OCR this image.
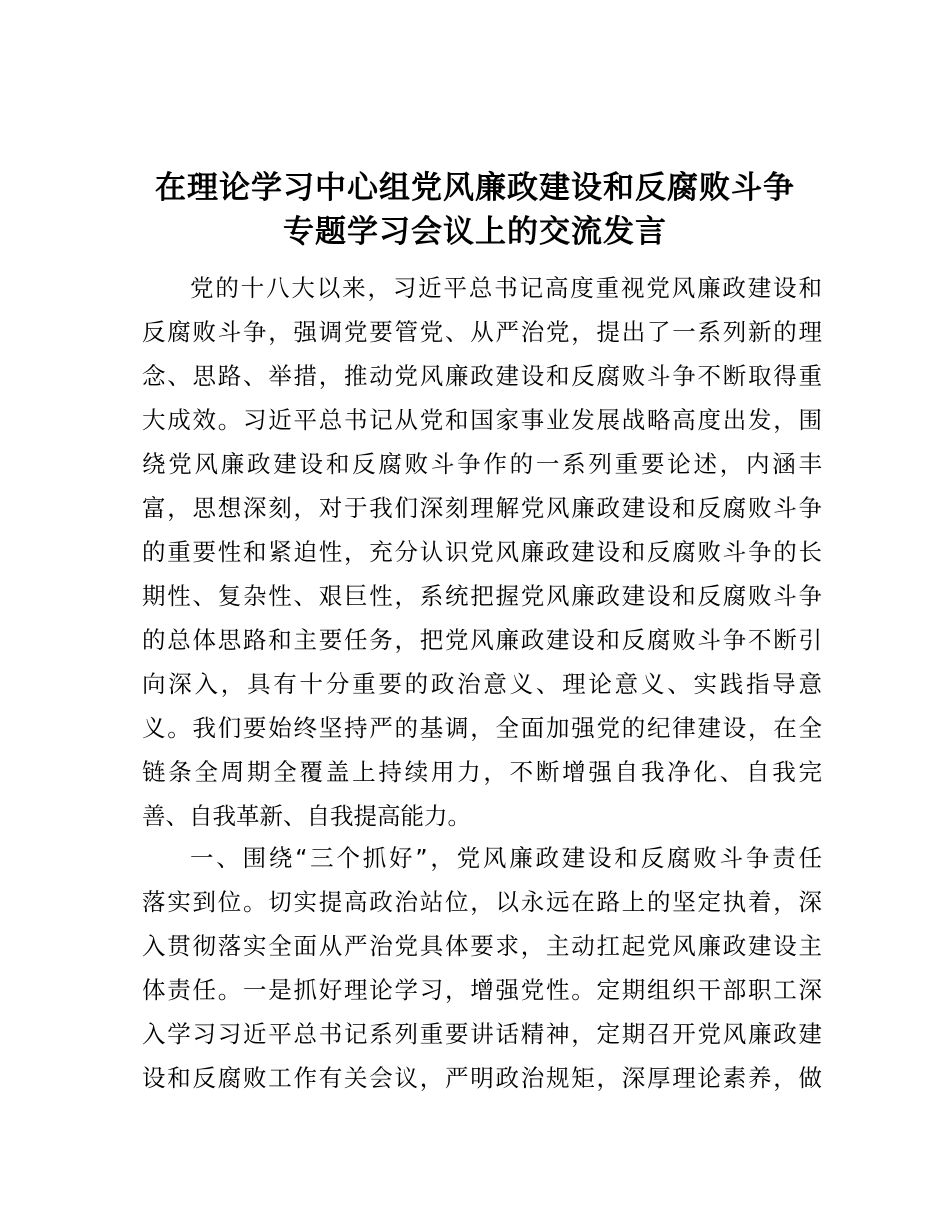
在理论学习中心组党风廉政建设和反腐败斗争
专题学习会议上的交流发言
党的十八大以来，习近平总书记高度重视党风廉政建设和
反腐败斗争，强调党要管党、从严治党，提出了一系列新的理
念、思路、举措，推动党风廉政建设和反腐败斗争不断取得重
大成效。习近平总书记从党和国家事业发展战略高度出发，围
绕党风廉政建设和反腐败斗争作的一系列重要论述，内涵丰
富，思想深刻，对于我们深刻理解党风廉政建设和反腐败斗争
的重要性和紧迫性，充分认识党风廉政建设和反腐败斗争的长
期性、复杂性、艰巨性，系统把握党风廉政建设和反腐败斗争
的总体思路和主要任务，把党风廉政建设和反腐败斗争不断引
向深入，具有十分重要的政治意义、理论意义、实践指导意
义。我们要始终坚持严的基调，全面加强党的纪律建设，在全
链条全周期全覆盖上持续用力，不断增强自我净化、自我完
善、自我革新、自我提高能力。
一、围绕“三个抓好”，党风廉政建设和反腐败斗争责任
落实到位。切实提高政治站位，以永远在路上的坚定执着，深
入贯彻落实全面从严治党具体要求，主动扛起党风廉政建设主
体责任。一是抓好理论学习，增强党性。定期组织干部职工深
入学习习近平总书记系列重要讲话精神，定期召开党风廉政建
设和反腐败工作有关会议，严明政治规矩，深厚理论素养，做
